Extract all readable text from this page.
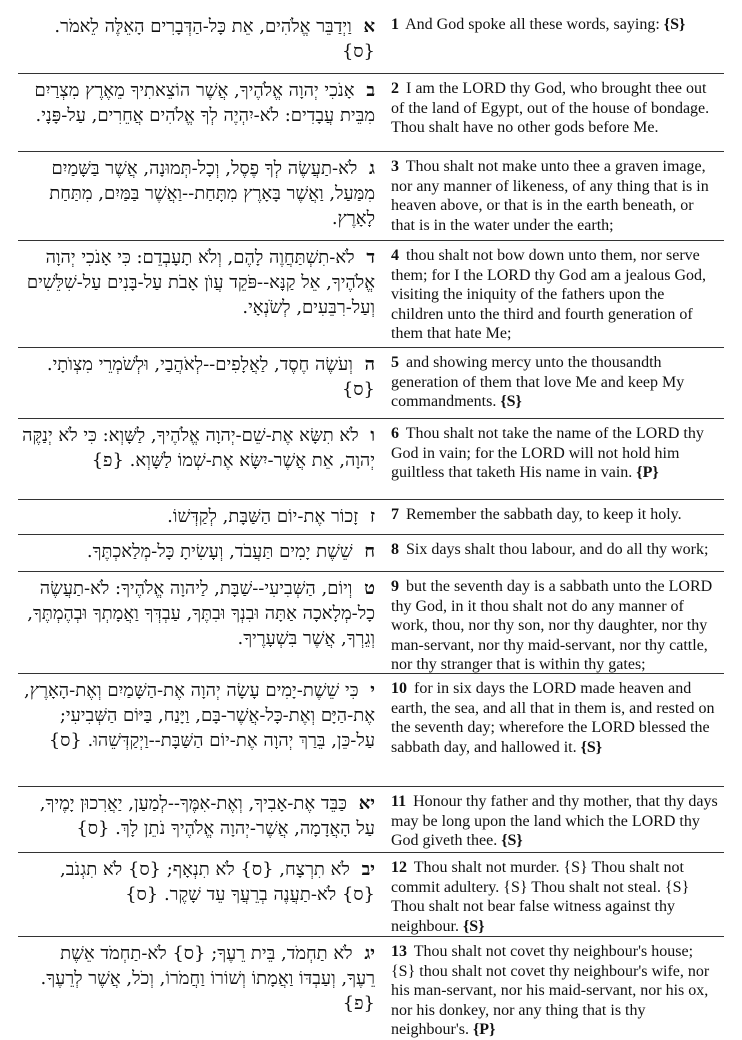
א וַיְדַבֵּר אֱלֹהִים, אֵת כָּל-הַדְּבָרִים הָאֵלֶּה לֵאמֹר. {ס}
1 And God spoke all these words, saying: {S}
ב אָנֹכִי יְהוָה אֱלֹהֶיךָ, אֲשֶׁר הוֹצֵאתִיךָ מֵאֶרֶץ מִצְרַיִם מִבֵּית עֲבָדִים: לֹא-יִהְיֶה לְךָ אֱלֹהִים אֲחֵרִים, עַל-פָּנָי.
2 I am the LORD thy God, who brought thee out of the land of Egypt, out of the house of bondage. Thou shalt have no other gods before Me.
ג לֹא-תַעֲשֶׂה לְךָ פֶסֶל, וְכָל-תְּמוּנָה, אֲשֶׁר בַּשָּׁמַיִם מִמַּעַל, וַאֲשֶׁר בָּאָרֶץ מִתָּחַת--וַאֲשֶׁר בַּמַּיִם, מִתַּחַת לָאָרֶץ.
3 Thou shalt not make unto thee a graven image, nor any manner of likeness, of any thing that is in heaven above, or that is in the earth beneath, or that is in the water under the earth;
ד לֹא-תִשְׁתַּחֲוֶה לָהֶם, וְלֹא תָעָבְדֵם: כִּי אָנֹכִי יְהוָה אֱלֹהֶיךָ, אֵל קַנָּא--פֹּקֵד עֲוֺן אָבֹת עַל-בָּנִים עַל-שִׁלֵּשִׁים וְעַל-רִבֵּעִים, לְשֹׂנְאָי.
4 thou shalt not bow down unto them, nor serve them; for I the LORD thy God am a jealous God, visiting the iniquity of the fathers upon the children unto the third and fourth generation of them that hate Me;
ה וְעֹשֶׂה חֶסֶד, לַאֲלָפִים--לְאֹהֲבַי, וּלְשֹׁמְרֵי מִצְוֺתָי. {ס}
5 and showing mercy unto the thousandth generation of them that love Me and keep My commandments. {S}
ו לֹא תִשָּׂא אֶת-שֵׁם-יְהוָה אֱלֹהֶיךָ, לַשָּׁוְא: כִּי לֹא יְנַקֶּה יְהוָה, אֵת אֲשֶׁר-יִשָּׂא אֶת-שְׁמוֹ לַשָּׁוְא. {פ}
6 Thou shalt not take the name of the LORD thy God in vain; for the LORD will not hold him guiltless that taketh His name in vain. {P}
ז זָכוֹר אֶת-יוֹם הַשַּׁבָּת, לְקַדְּשׁוֹ.	7 Remember the sabbath day, to keep it holy.
ח שֵׁשֶׁת יָמִים תַּעֲבֹד, וְעָשִׂיתָ כָּל-מְלַאכְתֶּךָ.	8 Six days shalt thou labour, and do all thy work;
ט וְיוֹם, הַשְּׁבִיעִי--שַׁבָּת, לַיהוָה אֱלֹהֶיךָ: לֹא-תַעֲשֶׂה כָל-מְלָאכָה אַתָּה וּבִנְךָ וּבִתֶּךָ, עַבְדְּךָ וַאֲמָתְךָ וּבְהֶמְתֶּךָ, וְגֵרְךָ, אֲשֶׁר בִּשְׁעָרֶיךָ.
9 but the seventh day is a sabbath unto the LORD thy God, in it thou shalt not do any manner of work, thou, nor thy son, nor thy daughter, nor thy man-servant, nor thy maid-servant, nor thy cattle, nor thy stranger that is within thy gates;
י כִּי שֵׁשֶׁת-יָמִים עָשָׂה יְהוָה אֶת-הַשָּׁמַיִם וְאֶת-הָאָרֶץ, אֶת-הַיָּם וְאֶת-כָּל-אֲשֶׁר-בָּם, וַיָּנַח, בַּיּוֹם הַשְּׁבִיעִי; עַל-כֵּן, בֵּרַךְ יְהוָה אֶת-יוֹם הַשַּׁבָּת--וַיְקַדְּשֵׁהוּ. {ס}
10 for in six days the LORD made heaven and earth, the sea, and all that in them is, and rested on the seventh day; wherefore the LORD blessed the sabbath day, and hallowed it. {S}
יא כַּבֵּד אֶת-אָבִיךָ, וְאֶת-אִמֶּךָ--לְמַעַן, יַאֲרִכוּן יָמֶיךָ, עַל הָאֲדָמָה, אֲשֶׁר-יְהוָה אֱלֹהֶיךָ נֹתֵן לָךְ. {ס}
11 Honour thy father and thy mother, that thy days may be long upon the land which the LORD thy God giveth thee. {S}
יב לֹא תִרְצָח, {ס} לֹא תִנְאָף; {ס} לֹא תִגְנֹב, {ס} לֹא-תַעֲנֶה בְרֵעֲךָ עֵד שָׁקֶר. {ס}
12 Thou shalt not murder. {S} Thou shalt not commit adultery. {S} Thou shalt not steal. {S} Thou shalt not bear false witness against thy neighbour. {S}
יג לֹא תַחְמֹד, בֵּית רֵעֶךָ; {ס} לֹא-תַחְמֹד אֵשֶׁת רֵעֶךָ, וְעַבְדּוֹ וַאֲמָתוֹ וְשׁוֹרוֹ וַחֲמֹרוֹ, וְכֹל, אֲשֶׁר לְרֵעֶךָ. {פ}
13 Thou shalt not covet thy neighbour's house; {S} thou shalt not covet thy neighbour's wife, nor his man-servant, nor his maid-servant, nor his ox, nor his donkey, nor any thing that is thy neighbour's. {P}
